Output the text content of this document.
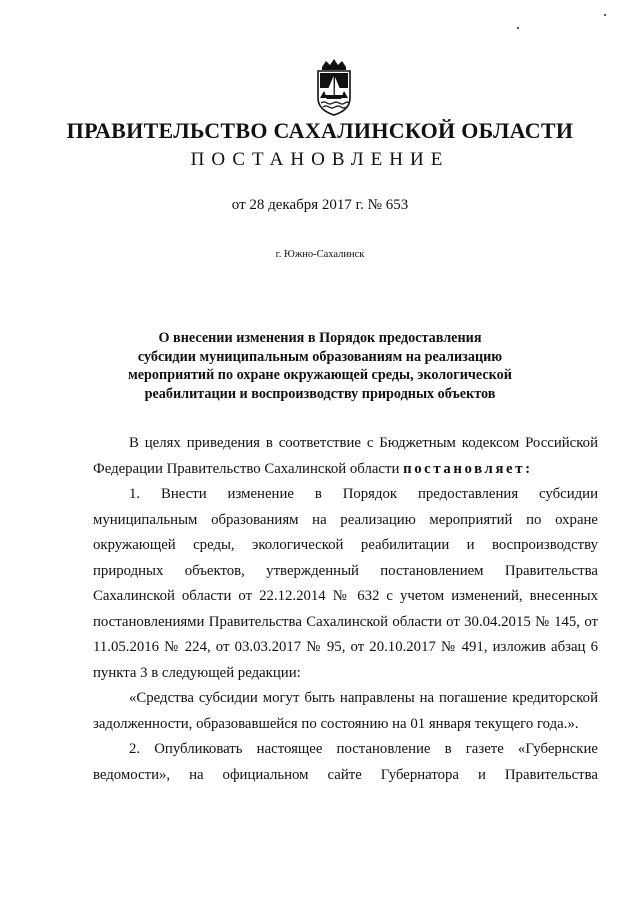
ПРАВИТЕЛЬСТВО САХАЛИНСКОЙ ОБЛАСТИ
ПОСТАНОВЛЕНИЕ
от 28 декабря 2017 г. № 653
г. Южно-Сахалинск
О внесении изменения в Порядок предоставления
субсидии муниципальным образованиям на реализацию
мероприятий по охране окружающей среды, экологической
реабилитации и воспроизводству природных объектов

В целях приведения в соответствие с Бюджетным кодексом Российской Федерации Правительство Сахалинской области постановляет:

1. Внести изменение в Порядок предоставления субсидии муниципальным образованиям на реализацию мероприятий по охране окружающей среды, экологической реабилитации и воспроизводству природных объектов, утвержденный постановлением Правительства Сахалинской области от 22.12.2014 № 632 с учетом изменений, внесенных постановлениями Правительства Сахалинской области от 30.04.2015 № 145, от 11.05.2016 № 224, от 03.03.2017 № 95, от 20.10.2017 № 491, изложив абзац 6 пункта 3 в следующей редакции:

«Средства субсидии могут быть направлены на погашение кредиторской задолженности, образовавшейся по состоянию на 01 января текущего года.».

2. Опубликовать настоящее постановление в газете «Губернские ведомости», на официальном сайте Губернатора и Правительства
